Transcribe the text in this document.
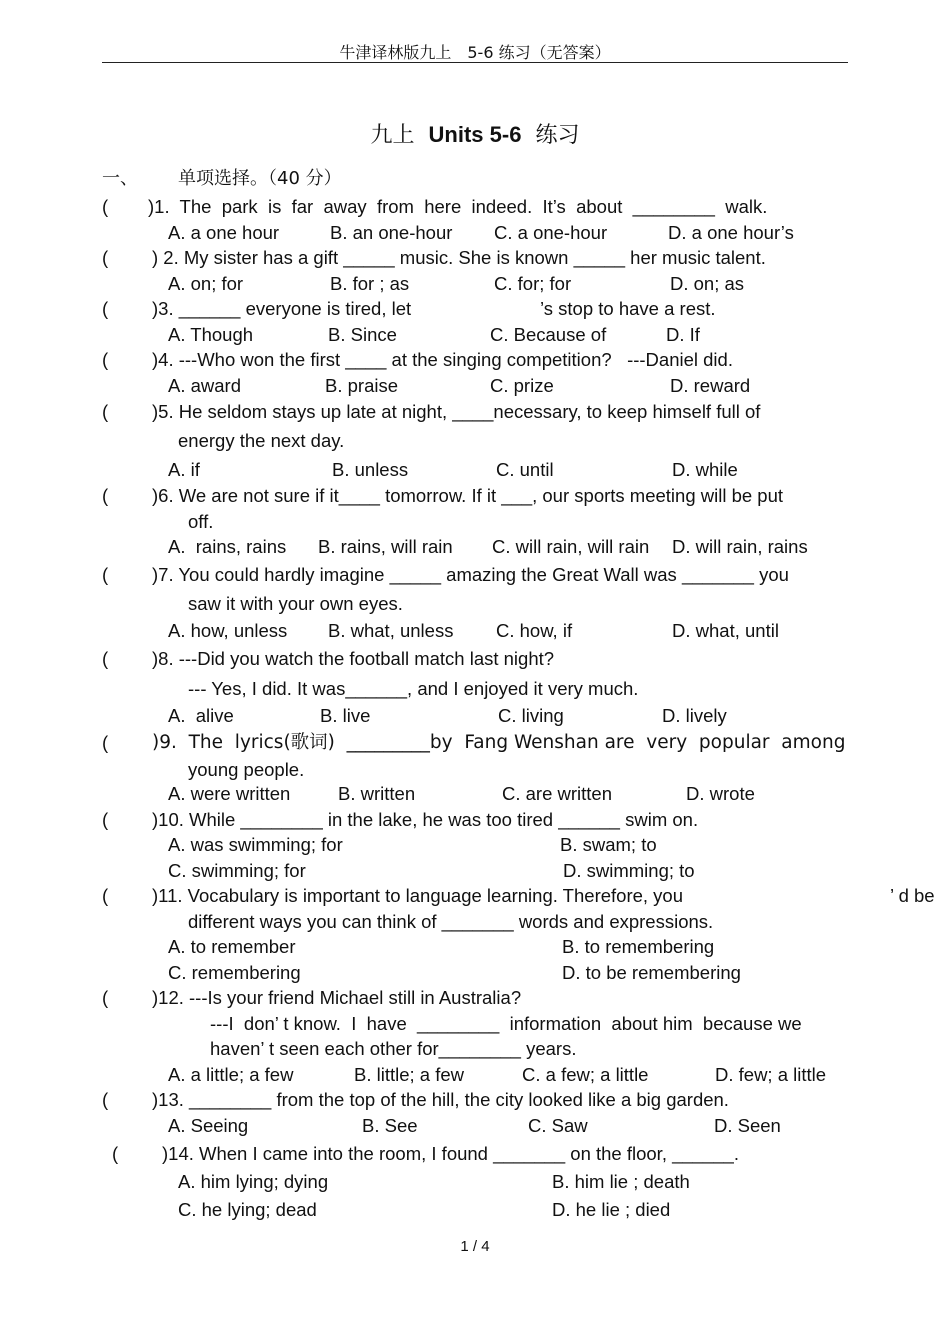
牛津译林版九上　5-6 练习（无答案）
九上 Units 5-6 练习
一、 单项选择。（40 分）
( )1.  The  park  is  far  away  from  here  indeed.  It’s  about  ________  walk.
A. a one hour	B. an one-hour C. a one-hour	D. a one hour’s
( ) 2. My sister has a gift _____ music. She is known _____ her music talent.
A. on; for	B. for ; as	C. for; for	D. on; as
( )3. ______ everyone is tired, let	’s stop to have a rest.
A. Though	B. Since	C. Because of	D. If
( )4. ---Who won the first ____ at the singing competition?   ---Daniel did.
A. award	B. praise	C. prize	D. reward
( )5. He seldom stays up late at night, ____necessary, to keep himself full of
energy the next day.
A. if	B. unless	C. until	D. while
( )6. We are not sure if it____ tomorrow. If it ___, our sports meeting will be put
off.
A.  rains, rains B. rains, will rain C. will rain, will rain D. will rain, rains
( )7. You could hardly imagine _____ amazing the Great Wall was _______ you
saw it with your own eyes.
A. how, unless B. what, unless C. how, if	D. what, until
( )8. ---Did you watch the football match last night?
--- Yes, I did. It was______, and I enjoyed it very much.
A.  alive	B. live	C. living	D. lively
( )9.  The  lyrics(歌词)  _________by  Fang Wenshan are  very  popular  among
young people.
A. were written	B. written	C. are written	D. wrote
( )10. While ________ in the lake, he was too tired ______ swim on.
A. was swimming; for	B. swam; to
C. swimming; for	D. swimming; to
( )11. Vocabulary is important to language learning. Therefore, you	’ d be
different ways you can think of _______ words and expressions.
A. to remember	B. to remembering
C. remembering	D. to be remembering
( )12. ---Is your friend Michael still in Australia?
---I  don’ t know.  I  have  ________  information  about him  because we
haven’ t seen each other for________ years.
A. a little; a few	B. little; a few	C. a few; a little	D. few; a little
( )13. ________ from the top of the hill, the city looked like a big garden.
A. Seeing	B. See	C. Saw	D. Seen
( )14. When I came into the room, I found _______ on the floor, ______.
A. him lying; dying	B. him lie ; death
C. he lying; dead	D. he lie ; died
1 / 4
